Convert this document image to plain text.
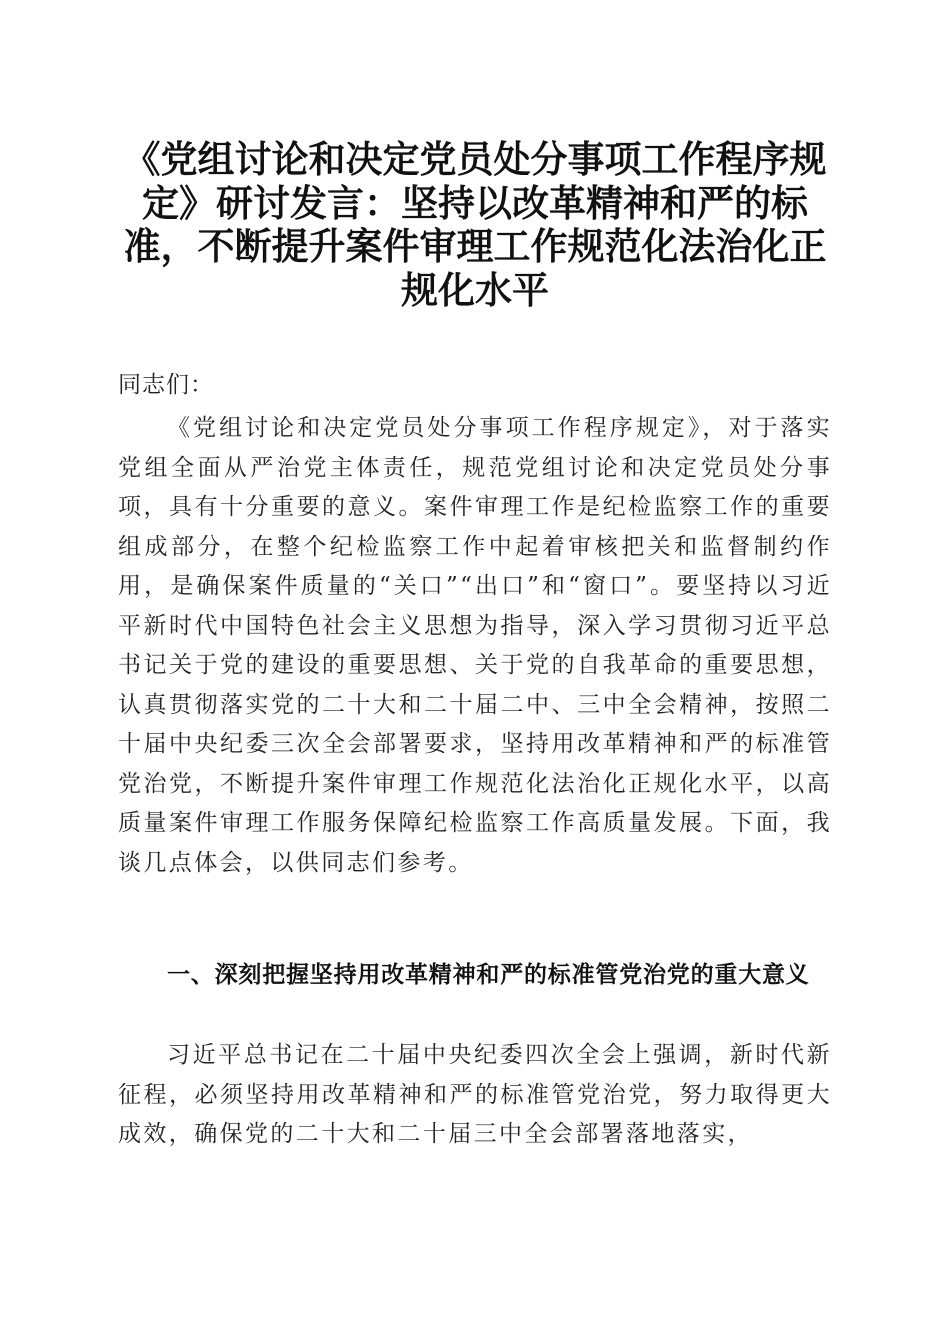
《党组讨论和决定党员处分事项工作程序规定》研讨发言：坚持以改革精神和严的标准，不断提升案件审理工作规范化法治化正规化水平

同志们：

《党组讨论和决定党员处分事项工作程序规定》，对于落实党组全面从严治党主体责任，规范党组讨论和决定党员处分事项，具有十分重要的意义。案件审理工作是纪检监察工作的重要组成部分，在整个纪检监察工作中起着审核把关和监督制约作用，是确保案件质量的“关口”“出口”和“窗口”。要坚持以习近平新时代中国特色社会主义思想为指导，深入学习贯彻习近平总书记关于党的建设的重要思想、关于党的自我革命的重要思想，认真贯彻落实党的二十大和二十届二中、三中全会精神，按照二十届中央纪委三次全会部署要求，坚持用改革精神和严的标准管党治党，不断提升案件审理工作规范化法治化正规化水平，以高质量案件审理工作服务保障纪检监察工作高质量发展。下面，我谈几点体会，以供同志们参考。

一、深刻把握坚持用改革精神和严的标准管党治党的重大意义

习近平总书记在二十届中央纪委四次全会上强调，新时代新征程，必须坚持用改革精神和严的标准管党治党，努力取得更大成效，确保党的二十大和二十届三中全会部署落地落实，
